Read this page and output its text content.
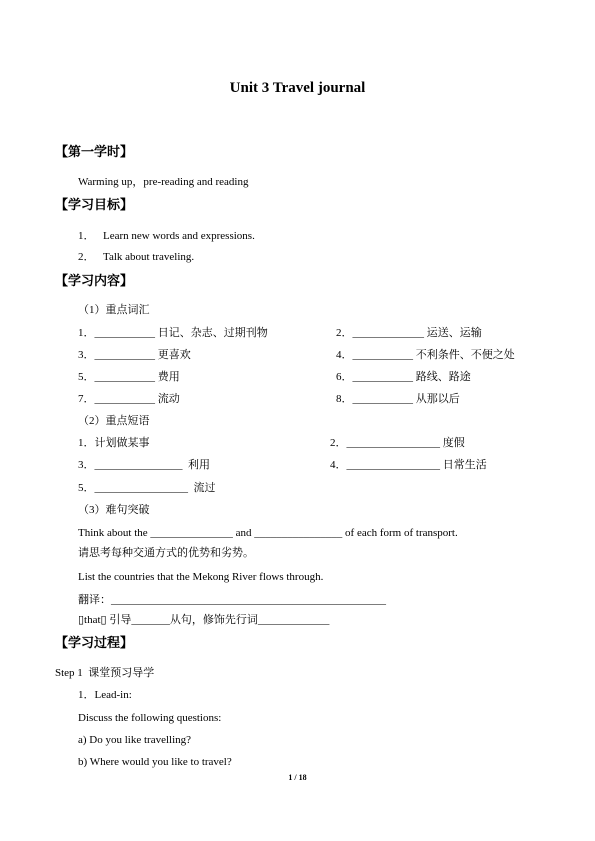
Unit 3 Travel journal
【第一学时】
Warming up，pre-reading and reading
【学习目标】
1． Learn new words and expressions.
2． Talk about traveling.
【学习内容】
（1）重点词汇
1．___________ 日记、杂志、过期刊物	2．_____________ 运送、运输
3．___________ 更喜欢	4．___________ 不利条件、不便之处
5．___________ 费用	6．___________ 路线、路途
7．___________ 流动	8．___________ 从那以后
（2）重点短语
1．计划做某事	2．_________________ 度假
3．________________  利用	4．_________________ 日常生活
5．_________________  流过
（3）难句突破
Think about the _______________ and ________________ of each form of transport.
请思考每种交通方式的优势和劣势。
List the countries that the Mekong River flows through.
翻译：__________________________________________________
▯that▯ 引导_______从句，修饰先行词_____________
【学习过程】
Step 1  课堂预习导学
1．Lead-in:
Discuss the following questions:
a) Do you like travelling?
b) Where would you like to travel?
1 / 18
